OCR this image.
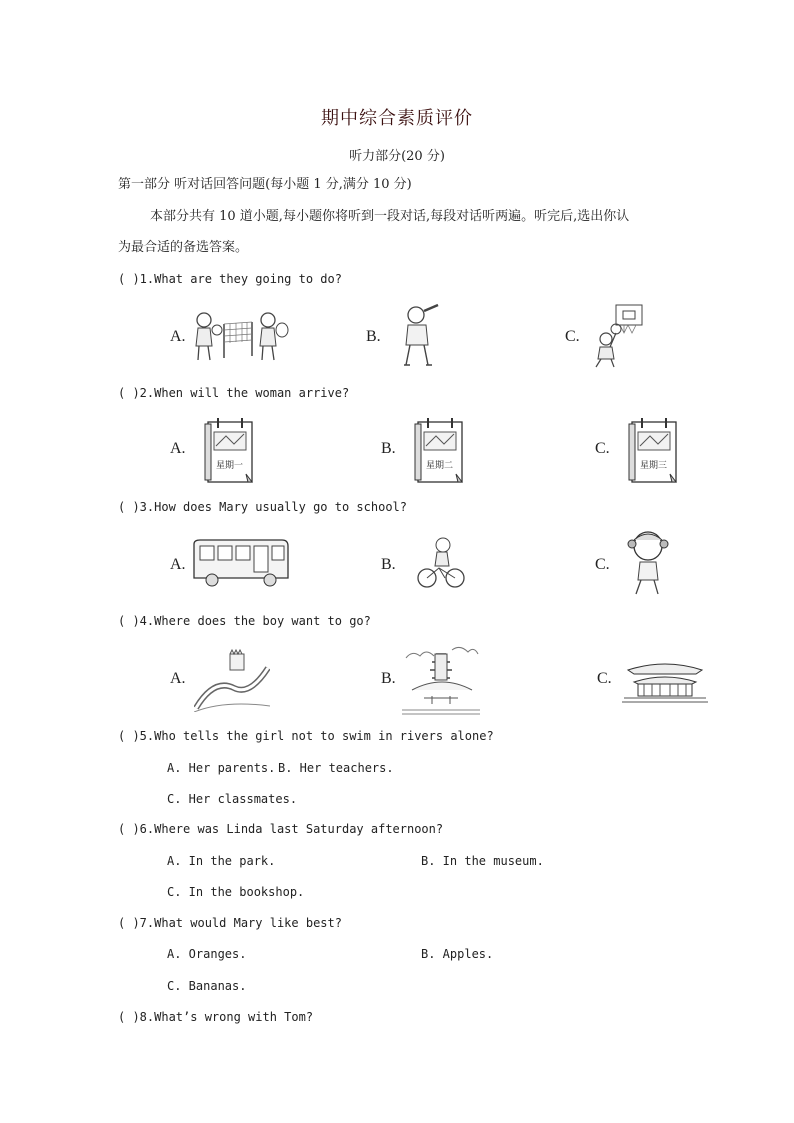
期中综合素质评价
听力部分(20 分)
第一部分 听对话回答问题(每小题 1 分,满分 10 分)
本部分共有 10 道小题,每小题你将听到一段对话,每段对话听两遍。听完后,选出你认
为最合适的备选答案。
( )1.What are they going to do?
A.	B.	C.
( )2.When will the woman arrive?
A.
星期一
B.
星期二
C.
星期三
( )3.How does Mary usually go to school?
A.	B.	C.
( )4.Where does the boy want to go?
A.	B.	C.
( )5.Who tells the girl not to swim in rivers alone?
A. Her parents. B. Her teachers.
C. Her classmates.
( )6.Where was Linda last Saturday afternoon?
A. In the park.	B. In the museum.
C. In the bookshop.
( )7.What would Mary like best?
A. Oranges.	B. Apples.
C. Bananas.
( )8.What’s wrong with Tom?
